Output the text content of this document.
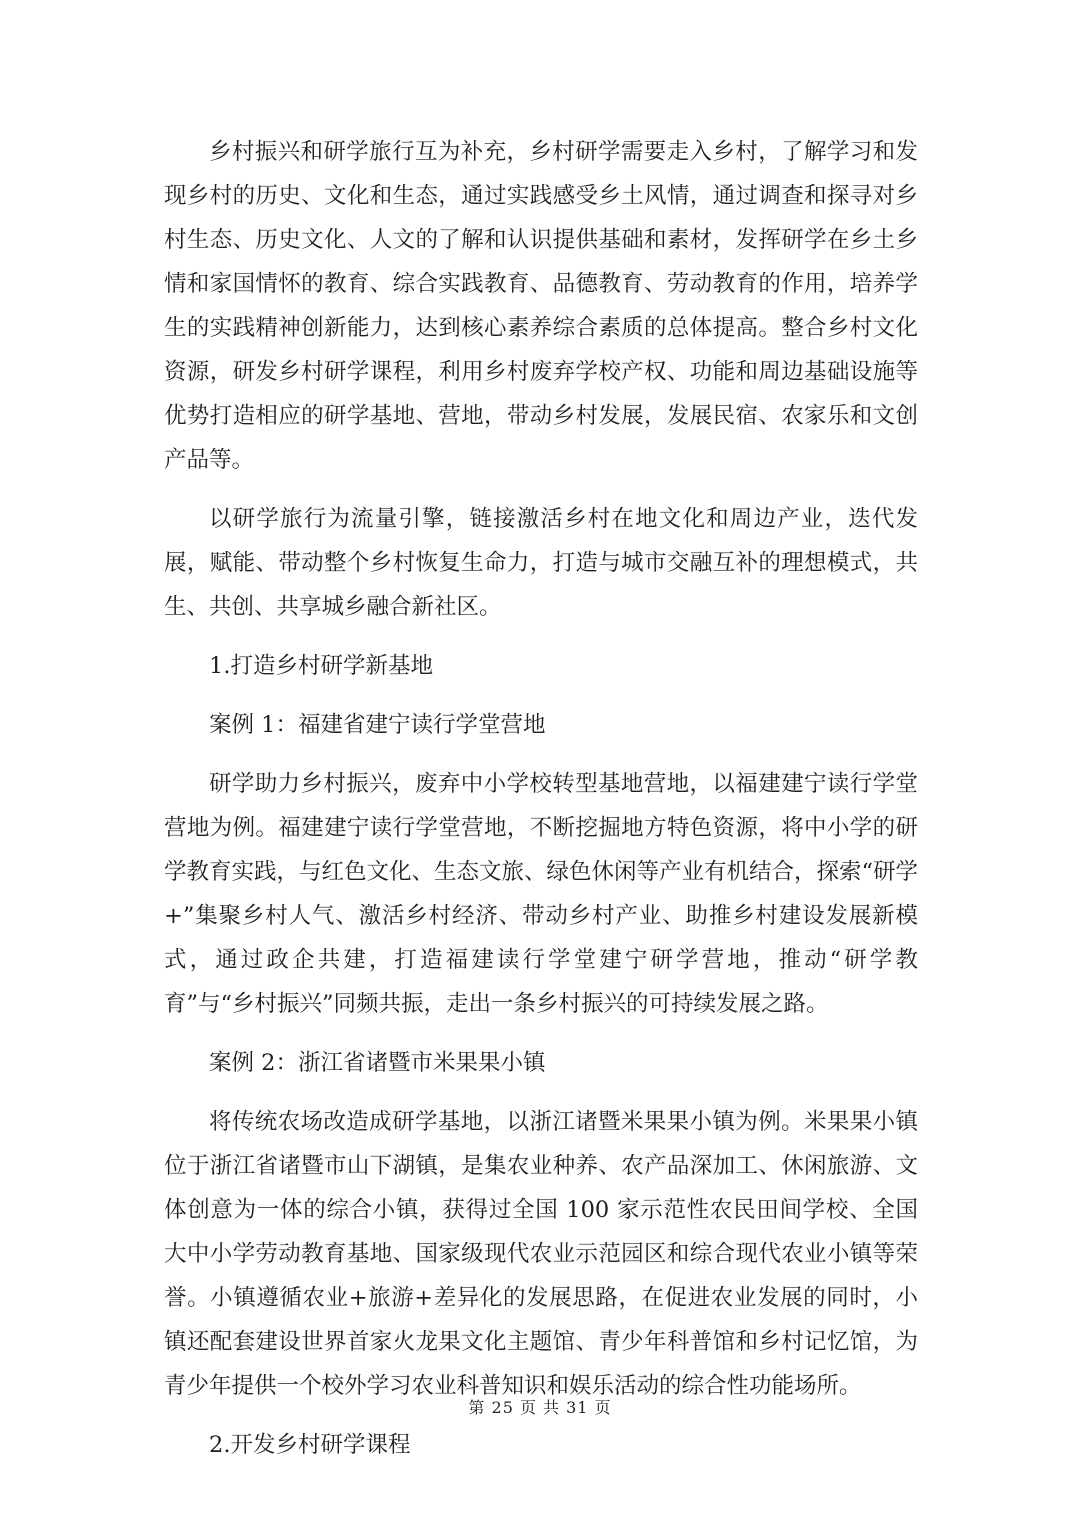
乡村振兴和研学旅行互为补充，乡村研学需要走入乡村，了解学习和发现乡村的历史、文化和生态，通过实践感受乡土风情，通过调查和探寻对乡村生态、历史文化、人文的了解和认识提供基础和素材，发挥研学在乡土乡情和家国情怀的教育、综合实践教育、品德教育、劳动教育的作用，培养学生的实践精神创新能力，达到核心素养综合素质的总体提高。整合乡村文化资源，研发乡村研学课程，利用乡村废弃学校产权、功能和周边基础设施等优势打造相应的研学基地、营地，带动乡村发展，发展民宿、农家乐和文创产品等。

以研学旅行为流量引擎，链接激活乡村在地文化和周边产业，迭代发展，赋能、带动整个乡村恢复生命力，打造与城市交融互补的理想模式，共生、共创、共享城乡融合新社区。

1.打造乡村研学新基地

案例 1：福建省建宁读行学堂营地

研学助力乡村振兴，废弃中小学校转型基地营地，以福建建宁读行学堂营地为例。福建建宁读行学堂营地，不断挖掘地方特色资源，将中小学的研学教育实践，与红色文化、生态文旅、绿色休闲等产业有机结合，探索“研学+”集聚乡村人气、激活乡村经济、带动乡村产业、助推乡村建设发展新模式，通过政企共建，打造福建读行学堂建宁研学营地，推动“研学教育”与“乡村振兴”同频共振，走出一条乡村振兴的可持续发展之路。

案例 2：浙江省诸暨市米果果小镇

将传统农场改造成研学基地，以浙江诸暨米果果小镇为例。米果果小镇位于浙江省诸暨市山下湖镇，是集农业种养、农产品深加工、休闲旅游、文体创意为一体的综合小镇，获得过全国 100 家示范性农民田间学校、全国大中小学劳动教育基地、国家级现代农业示范园区和综合现代农业小镇等荣誉。小镇遵循农业+旅游+差异化的发展思路，在促进农业发展的同时，小镇还配套建设世界首家火龙果文化主题馆、青少年科普馆和乡村记忆馆，为青少年提供一个校外学习农业科普知识和娱乐活动的综合性功能场所。

2.开发乡村研学课程

第 25 页 共 31 页
